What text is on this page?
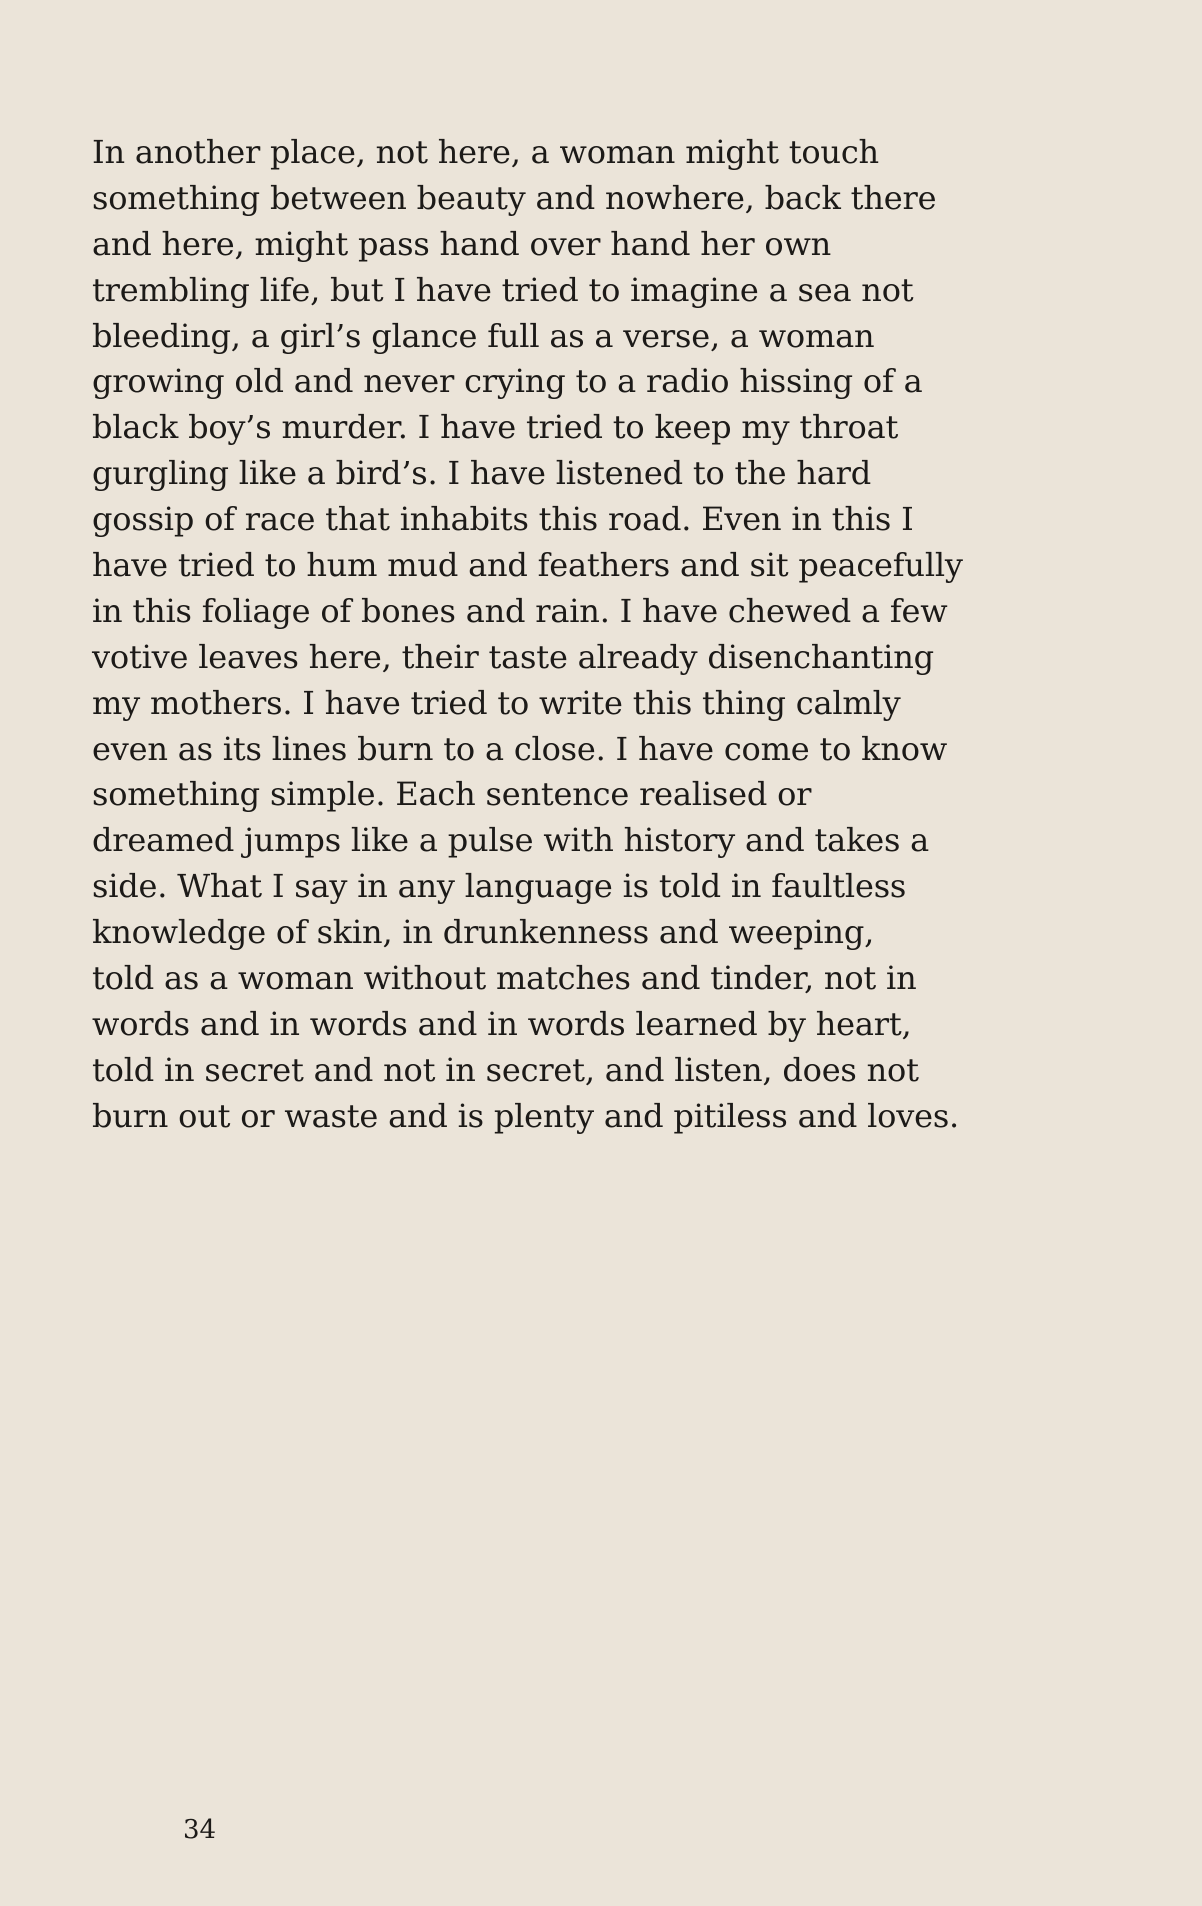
In another place, not here, a woman might touch
something between beauty and nowhere, back there
and here, might pass hand over hand her own
trembling life, but I have tried to imagine a sea not
bleeding, a girl’s glance full as a verse, a woman
growing old and never crying to a radio hissing of a
black boy’s murder. I have tried to keep my throat
gurgling like a bird’s. I have listened to the hard
gossip of race that inhabits this road. Even in this I
have tried to hum mud and feathers and sit peacefully
in this foliage of bones and rain. I have chewed a few
votive leaves here, their taste already disenchanting
my mothers. I have tried to write this thing calmly
even as its lines burn to a close. I have come to know
something simple. Each sentence realised or
dreamed jumps like a pulse with history and takes a
side. What I say in any language is told in faultless
knowledge of skin, in drunkenness and weeping,
told as a woman without matches and tinder, not in
words and in words and in words learned by heart,
told in secret and not in secret, and listen, does not
burn out or waste and is plenty and pitiless and loves.
34
